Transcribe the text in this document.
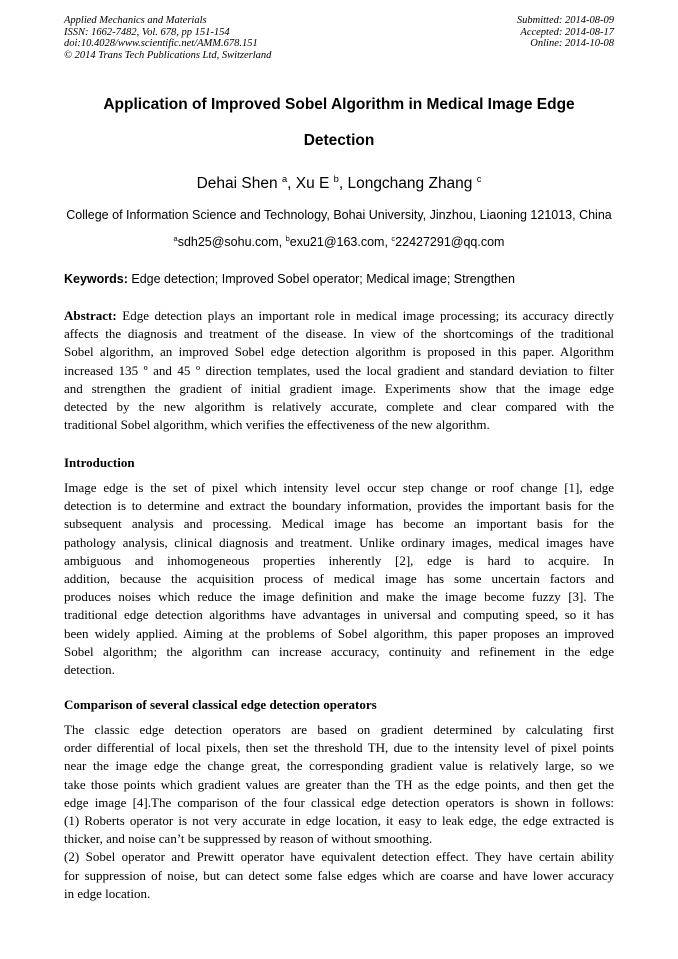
Applied Mechanics and Materials
ISSN: 1662-7482, Vol. 678, pp 151-154
doi:10.4028/www.scientific.net/AMM.678.151
© 2014 Trans Tech Publications Ltd, Switzerland
Submitted: 2014-08-09
Accepted: 2014-08-17
Online: 2014-10-08
Application of Improved Sobel Algorithm in Medical Image Edge
Detection
Dehai Shen $^a$, Xu E $^b$, Longchang Zhang $^c$
College of Information Science and Technology, Bohai University, Jinzhou, Liaoning 121013, China
$^a$sdh25@sohu.com, $^b$exu21@163.com, $^c$22427291@qq.com
Keywords: Edge detection; Improved Sobel operator; Medical image; Strengthen
Abstract: Edge detection plays an important role in medical image processing; its accuracy directly
affects the diagnosis and treatment of the disease. In view of the shortcomings of the traditional
Sobel algorithm, an improved Sobel edge detection algorithm is proposed in this paper. Algorithm
increased 135 º and 45 º direction templates, used the local gradient and standard deviation to filter
and strengthen the gradient of initial gradient image. Experiments show that the image edge
detected by the new algorithm is relatively accurate, complete and clear compared with the
traditional Sobel algorithm, which verifies the effectiveness of the new algorithm.
Introduction
Image edge is the set of pixel which intensity level occur step change or roof change [1], edge
detection is to determine and extract the boundary information, provides the important basis for the
subsequent analysis and processing. Medical image has become an important basis for the
pathology analysis, clinical diagnosis and treatment. Unlike ordinary images, medical images have
ambiguous and inhomogeneous properties inherently [2], edge is hard to acquire. In
addition, because the acquisition process of medical image has some uncertain factors and
produces noises which reduce the image definition and make the image become fuzzy [3]. The
traditional edge detection algorithms have advantages in universal and computing speed, so it has
been widely applied. Aiming at the problems of Sobel algorithm, this paper proposes an improved
Sobel algorithm; the algorithm can increase accuracy, continuity and refinement in the edge
detection.
Comparison of several classical edge detection operators
The classic edge detection operators are based on gradient determined by calculating first
order differential of local pixels, then set the threshold TH, due to the intensity level of pixel points
near the image edge the change great, the corresponding gradient value is relatively large, so we
take those points which gradient values are greater than the TH as the edge points, and then get the
edge image [4].The comparison of the four classical edge detection operators is shown in follows:
(1) Roberts operator is not very accurate in edge location, it easy to leak edge, the edge extracted is
thicker, and noise can’t be suppressed by reason of without smoothing.
(2) Sobel operator and Prewitt operator have equivalent detection effect. They have certain ability
for suppression of noise, but can detect some false edges which are coarse and have lower accuracy
in edge location.
